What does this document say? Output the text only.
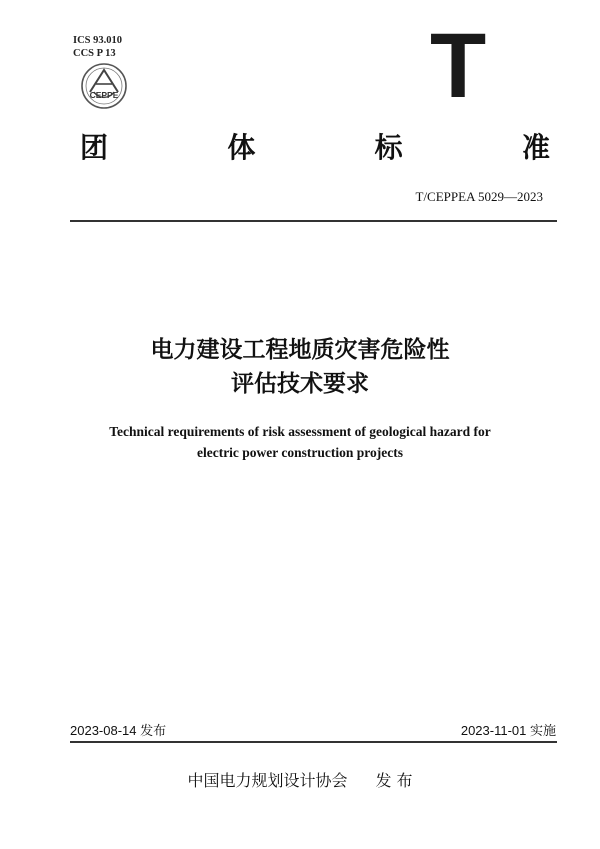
ICS 93.010
CCS P 13
CEPPE	T
团	体	标	准
T/CEPPEA 5029—2023
电力建设工程地质灾害危险性
评估技术要求
Technical requirements of risk assessment of geological hazard for
electric power construction projects
2023-08-14 发布	2023-11-01 实施
中国电力规划设计协会 发 布
